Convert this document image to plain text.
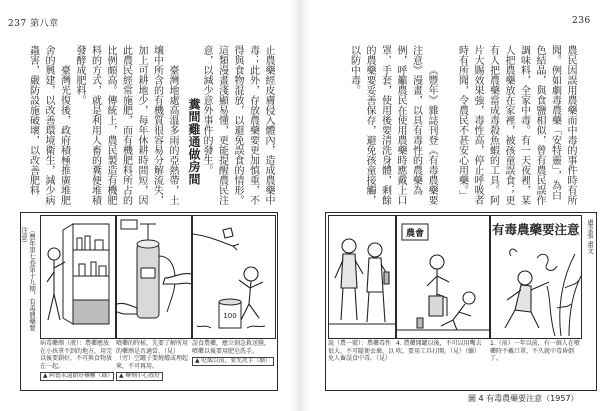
237 第八章	236

止農藥經皮膚侵入體內，造成農藥中毒；此外，存放農藥要更加慎重，不得與食物混放，以避免誤食的情形。這類漫畫淺顯易懂，更能提醒農民注意，以減少意外事件的發生。

糞間雞通做房間

臺灣地處高溫多雨的亞熱帶，土壤中所含的有機質很容易分解流失，加上可耕地少，每年休耕時間短，因此農民經常施肥，而有機肥料所占的比例頗高。傳統上，農民製造有機肥料的方式，就是利用人畜的糞便堆積發酵成肥料。

臺灣光復後，政府積極推廣堆肥舍的興建，以改善環境衛生，減少病蟲害，嚴防設施破壞，以改善肥料	農民因誤用農藥而中毒的事件時有所聞。例如劇毒農藥「安特靈」，為白色結晶，與食鹽相似，曾有農民誤作調味料，全家中毒。有一天夜裡，某人把農藥放在家裡，被孩童誤食；更有人把農藥當成毒殺魚蝦的工具。阿片大賜效果強，毒性高，停止呼吸者時有所聞，令農民不甚安心用藥。」

《豐年》雜誌刊登《有毒農藥要注意》漫畫，以具有毒性的農藥為例，呼籲農民在使用農藥時應戴上口罩、手套，使用後要清洗身體，剩餘的農藥要妥善保存，避免孩童接觸，以防中毒。

（豐年第七卷第十九期，有毒農藥要注意）
100
病毒藥劑（液）：農藥應放在小孩拿不到的地方，用完以後要鎖好，不可與食物放在一起。
▲ 阿德永遠鎖好藥櫃（錄）
噴藥的時候，先要了解所用的藥劑是否適當，（見）（旁）空罐子要燒燬或埋起來，不可再用。
▲ 藥劑小心放好
誤食農藥，應立刻急救送醫，噴藥以後要用肥皂洗手。
▲ 吃飯以前，要先洗手（續）
農會	有毒農藥要注意 盧金張 畫文
說（農一號）：農藥毒性很大，不可隨便丟棄，以免人畜誤食中毒。（見）
4. 農藥開罐以後，不可以用嘴去吹，要用工具打開。（見）（續）
1.（前）一年以前，有一個人在噴藥時不戴口罩，不久就中毒昏倒了。
圖 4 有毒農藥要注意（1957）
